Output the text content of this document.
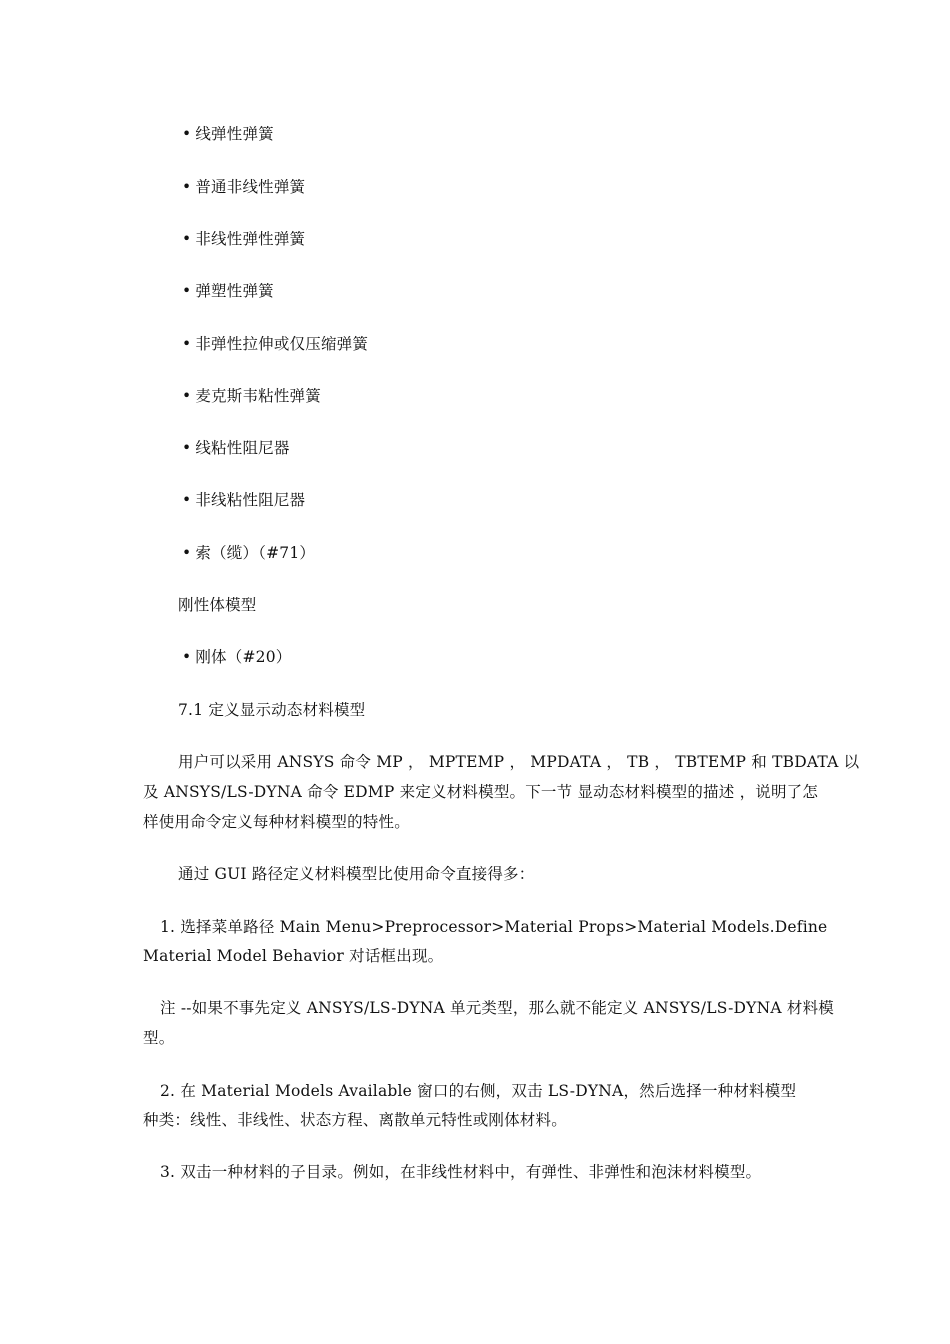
• 线弹性弹簧
• 普通非线性弹簧
• 非线性弹性弹簧
• 弹塑性弹簧
• 非弹性拉伸或仅压缩弹簧
• 麦克斯韦粘性弹簧
• 线粘性阻尼器
• 非线粘性阻尼器
• 索（缆）（#71）
刚性体模型
• 刚体（#20）
7.1 定义显示动态材料模型
用户可以采用 ANSYS 命令 MP ， MPTEMP ， MPDATA ， TB ， TBTEMP 和 TBDATA 以
及 ANSYS/LS-DYNA 命令 EDMP 来定义材料模型。下一节 显动态材料模型的描述 ，说明了怎
样使用命令定义每种材料模型的特性。
通过 GUI 路径定义材料模型比使用命令直接得多：
1. 选择菜单路径 Main Menu>Preprocessor>Material Props>Material Models.Define
Material Model Behavior 对话框出现。
注 --如果不事先定义 ANSYS/LS-DYNA 单元类型，那么就不能定义 ANSYS/LS-DYNA 材料模
型。
2. 在 Material Models Available 窗口的右侧，双击 LS-DYNA，然后选择一种材料模型
种类：线性、非线性、状态方程、离散单元特性或刚体材料。
3. 双击一种材料的子目录。例如，在非线性材料中，有弹性、非弹性和泡沫材料模型。
